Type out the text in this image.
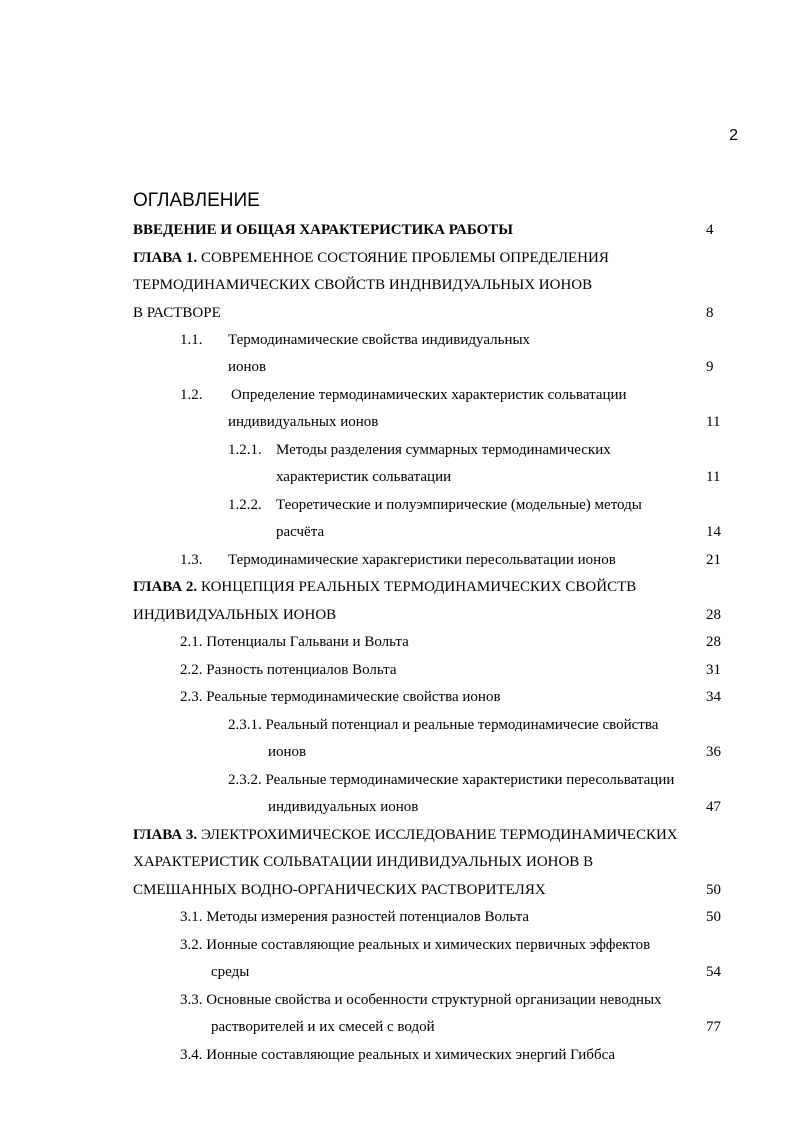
2
ОГЛАВЛЕНИЕ
ВВЕДЕНИЕ И ОБЩАЯ ХАРАКТЕРИСТИКА РАБОТЫ	4
ГЛАВА 1. СОВРЕМЕННОЕ СОСТОЯНИЕ ПРОБЛЕМЫ ОПРЕДЕЛЕНИЯ
ТЕРМОДИНАМИЧЕСКИХ СВОЙСТВ ИНДНВИДУАЛЬНЫХ ИОНОВ
В РАСТВОРЕ	8
1.1. Термодинамические свойства индивидуальных
ионов	9
1.2. Определение термодинамических характеристик сольватации
индивидуальных ионов	11
1.2.1. Методы разделения суммарных термодинамических
характеристик сольватации	11
1.2.2. Теоретические и полуэмпирические (модельные) методы
расчёта	14
1.3. Термодинамические харакгеристики пересольватации ионов	21
ГЛАВА 2. КОНЦЕПЦИЯ РЕАЛЬНЫХ ТЕРМОДИНАМИЧЕСКИХ СВОЙСТВ
ИНДИВИДУАЛЬНЫХ ИОНОВ	28
2.1. Потенциалы Гальвани и Вольта	28
2.2. Разность потенциалов Вольта	31
2.3. Реальные термодинамические свойства ионов	34
2.3.1. Реальный потенциал и реальные термодинамичесие свойства
ионов	36
2.3.2. Реальные термодинамические характеристики пересольватации
индивидуальных ионов	47
ГЛАВА 3. ЭЛЕКТРОХИМИЧЕСКОЕ ИССЛЕДОВАНИЕ ТЕРМОДИНАМИЧЕСКИХ
ХАРАКТЕРИСТИК СОЛЬВАТАЦИИ ИНДИВИДУАЛЬНЫХ ИОНОВ В
СМЕШАННЫХ ВОДНО-ОРГАНИЧЕСКИХ РАСТВОРИТЕЛЯХ	50
3.1. Методы измерения разностей потенциалов Вольта	50
3.2. Ионные составляющие реальных и химических первичных эффектов
среды	54
3.3. Основные свойства и особенности структурной организации неводных
растворителей и их смесей с водой	77
3.4. Ионные составляющие реальных и химических энергий Гиббса
